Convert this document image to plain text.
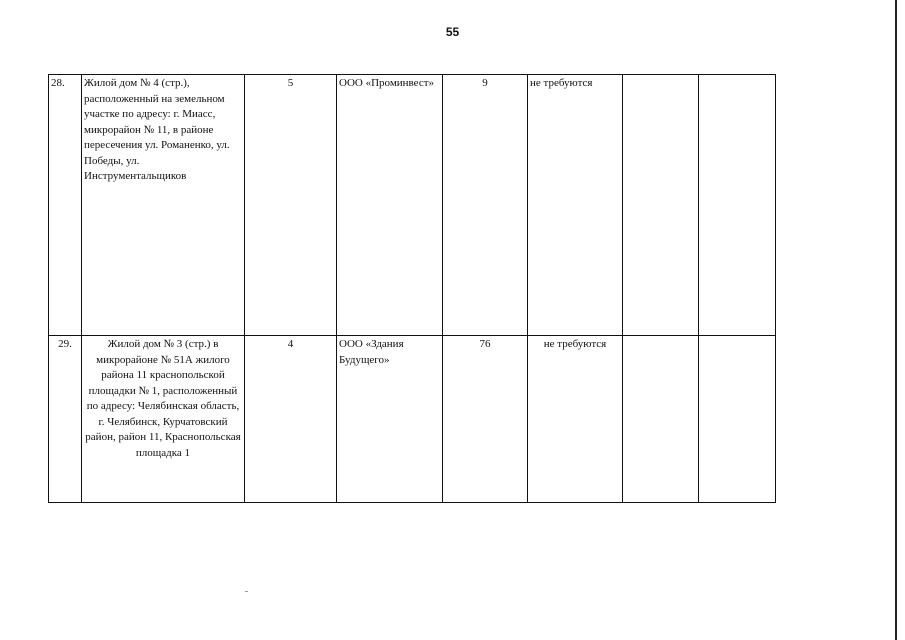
55
28.	Жилой дом № 4 (стр.), расположенный на земельном участке по адресу: г. Миасс, микрорайон № 11, в районе пересечения ул. Романенко, ул. Победы, ул. Инструментальщиков	5	ООО «Проминвест»	9	не требуются		
29.	Жилой дом № 3 (стр.) в микрорайоне № 51А жилого района 11 краснопольской площадки № 1, расположенный по адресу: Челябинская область, г. Челябинск, Курчатовский район, район 11, Краснопольская площадка 1	4	ООО «Здания Будущего»	76	не требуются		
